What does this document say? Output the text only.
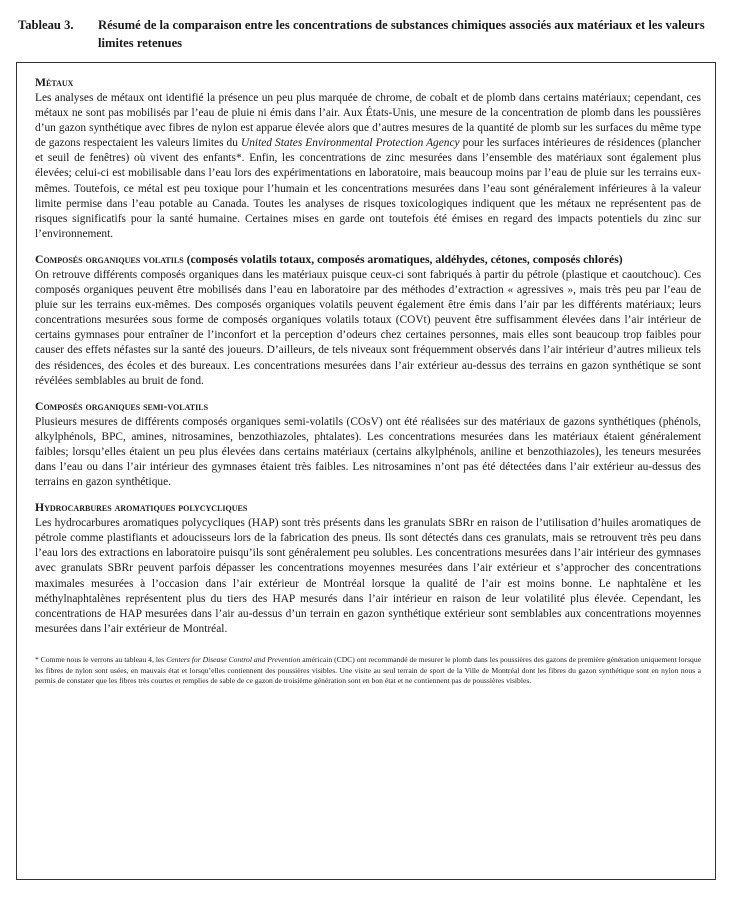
Tableau 3. Résumé de la comparaison entre les concentrations de substances chimiques associés aux matériaux et les valeurs limites retenues
Métaux

Les analyses de métaux ont identifié la présence un peu plus marquée de chrome, de cobalt et de plomb dans certains matériaux; cependant, ces métaux ne sont pas mobilisés par l’eau de pluie ni émis dans l’air. Aux États-Unis, une mesure de la concentration de plomb dans les poussières d’un gazon synthétique avec fibres de nylon est apparue élevée alors que d’autres mesures de la quantité de plomb sur les surfaces du même type de gazons respectaient les valeurs limites du United States Environmental Protection Agency pour les surfaces intérieures de résidences (plancher et seuil de fenêtres) où vivent des enfants*. Enfin, les concentrations de zinc mesurées dans l’ensemble des matériaux sont également plus élevées; celui-ci est mobilisable dans l’eau lors des expérimentations en laboratoire, mais beaucoup moins par l’eau de pluie sur les terrains eux-mêmes. Toutefois, ce métal est peu toxique pour l’humain et les concentrations mesurées dans l’eau sont généralement inférieures à la valeur limite permise dans l’eau potable au Canada. Toutes les analyses de risques toxicologiques indiquent que les métaux ne représentent pas de risques significatifs pour la santé humaine. Certaines mises en garde ont toutefois été émises en regard des impacts potentiels du zinc sur l’environnement.

Composés organiques volatils (composés volatils totaux, composés aromatiques, aldéhydes, cétones, composés chlorés)

On retrouve différents composés organiques dans les matériaux puisque ceux-ci sont fabriqués à partir du pétrole (plastique et caoutchouc). Ces composés organiques peuvent être mobilisés dans l’eau en laboratoire par des méthodes d’extraction « agressives », mais très peu par l’eau de pluie sur les terrains eux-mêmes. Des composés organiques volatils peuvent également être émis dans l’air par les différents matériaux; leurs concentrations mesurées sous forme de composés organiques volatils totaux (COVt) peuvent être suffisamment élevées dans l’air intérieur de certains gymnases pour entraîner de l’inconfort et la perception d’odeurs chez certaines personnes, mais elles sont beaucoup trop faibles pour causer des effets néfastes sur la santé des joueurs. D’ailleurs, de tels niveaux sont fréquemment observés dans l’air intérieur d’autres milieux tels des résidences, des écoles et des bureaux. Les concentrations mesurées dans l’air extérieur au-dessus des terrains en gazon synthétique se sont révélées semblables au bruit de fond.

Composés organiques semi-volatils

Plusieurs mesures de différents composés organiques semi-volatils (COsV) ont été réalisées sur des matériaux de gazons synthétiques (phénols, alkylphénols, BPC, amines, nitrosamines, benzothiazoles, phtalates). Les concentrations mesurées dans les matériaux étaient généralement faibles; lorsqu’elles étaient un peu plus élevées dans certains matériaux (certains alkylphénols, aniline et benzothiazoles), les teneurs mesurées dans l’eau ou dans l’air intérieur des gymnases étaient très faibles. Les nitrosamines n’ont pas été détectées dans l’air extérieur au-dessus des terrains en gazon synthétique.

Hydrocarbures aromatiques polycycliques

Les hydrocarbures aromatiques polycycliques (HAP) sont très présents dans les granulats SBRr en raison de l’utilisation d’huiles aromatiques de pétrole comme plastifiants et adoucisseurs lors de la fabrication des pneus. Ils sont détectés dans ces granulats, mais se retrouvent très peu dans l’eau lors des extractions en laboratoire puisqu’ils sont généralement peu solubles. Les concentrations mesurées dans l’air intérieur des gymnases avec granulats SBRr peuvent parfois dépasser les concentrations moyennes mesurées dans l’air extérieur et s’approcher des concentrations maximales mesurées à l’occasion dans l’air extérieur de Montréal lorsque la qualité de l’air est moins bonne. Le naphtalène et les méthylnaphtalènes représentent plus du tiers des HAP mesurés dans l’air intérieur en raison de leur volatilité plus élevée. Cependant, les concentrations de HAP mesurées dans l’air au-dessus d’un terrain en gazon synthétique extérieur sont semblables aux concentrations moyennes mesurées dans l’air extérieur de Montréal.

* Comme nous le verrons au tableau 4, les Centers for Disease Control and Prevention américain (CDC) ont recommandé de mesurer le plomb dans les poussières des gazons de première génération uniquement lorsque les fibres de nylon sont usées, en mauvais état et lorsqu’elles contiennent des poussières visibles. Une visite au seul terrain de sport de la Ville de Montréal dont les fibres du gazon synthétique sont en nylon nous a permis de constater que les fibres très courtes et remplies de sable de ce gazon de troisième génération sont en bon état et ne contiennent pas de poussières visibles.
